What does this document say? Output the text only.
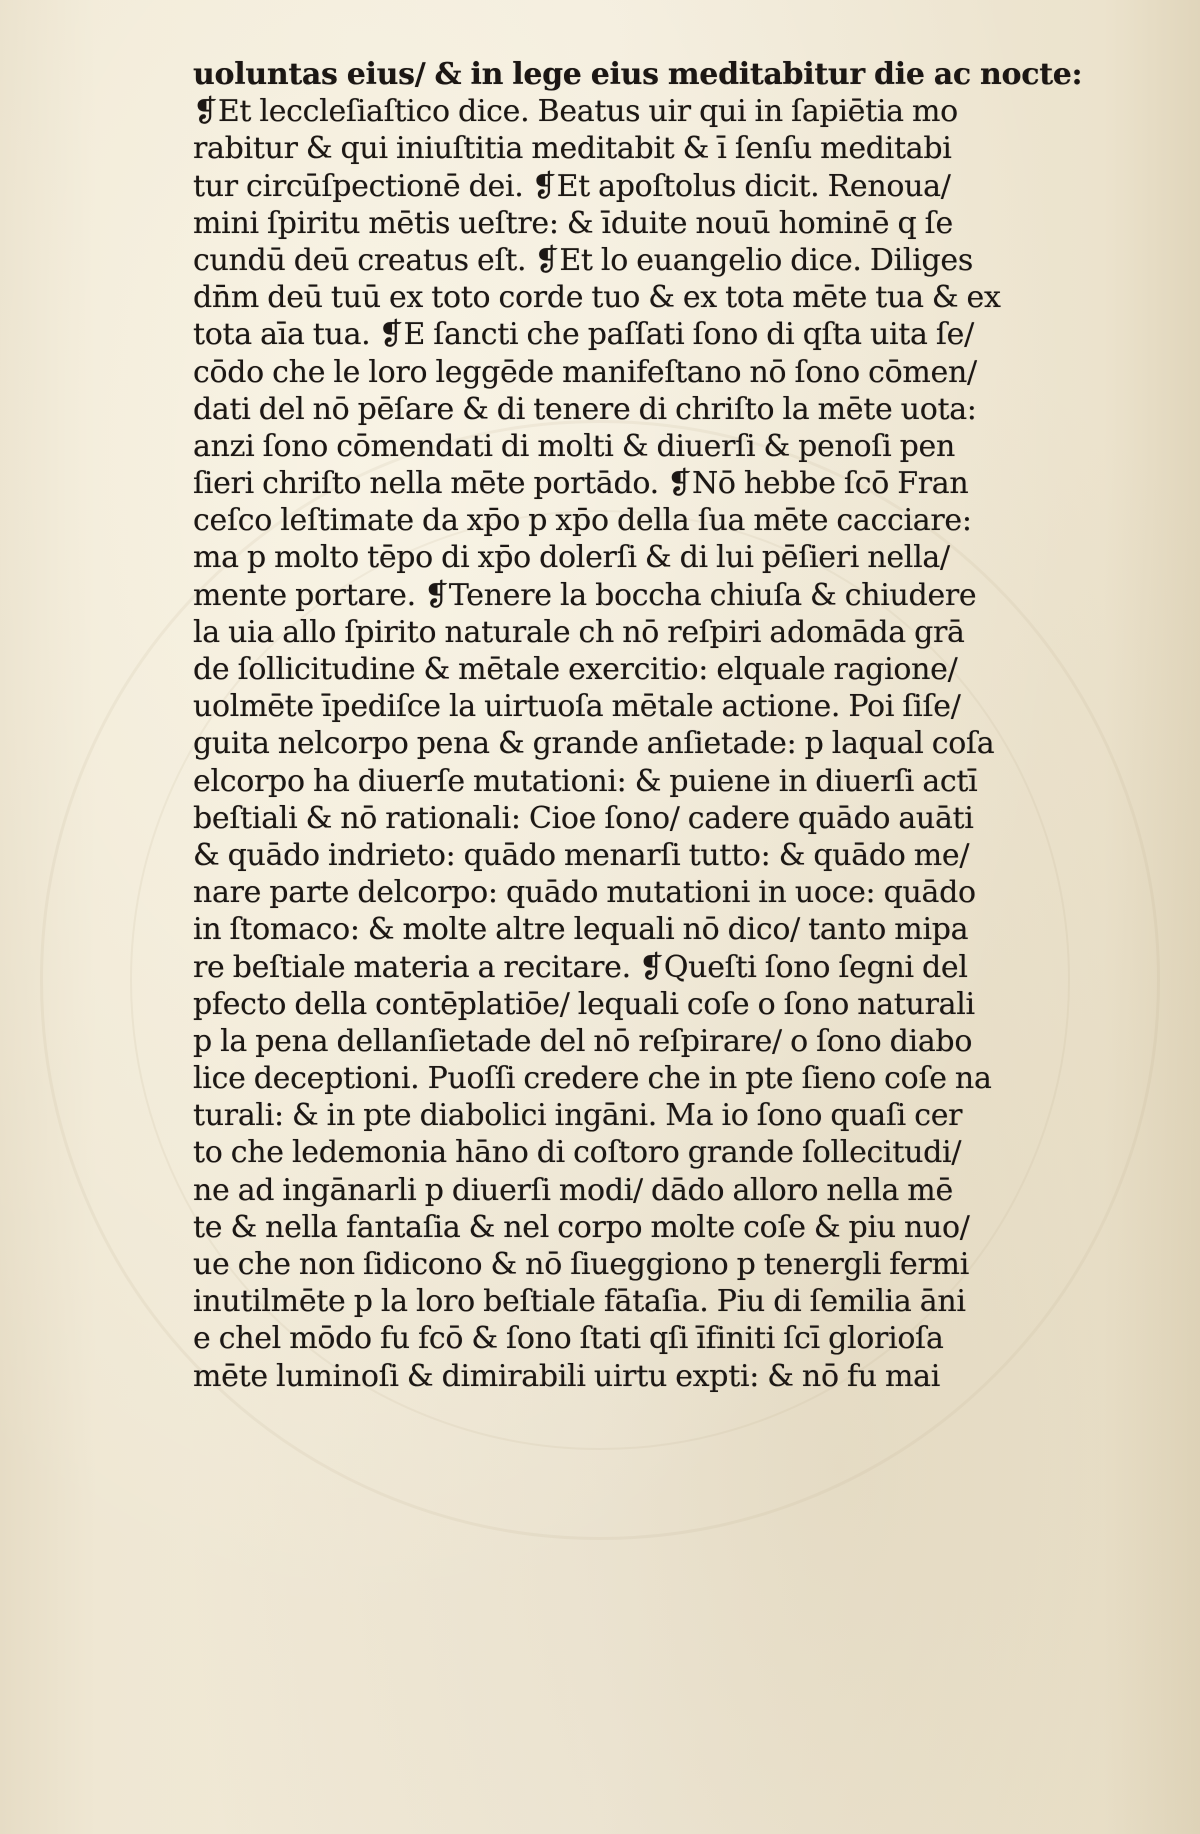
uoluntas eius/ & in lege eius meditabitur die ac nocte:
❡Et leccleſiaſtico dice. Beatus uir qui in ſapiētia mo
rabitur & qui iniuſtitia meditabit & ī ſenſu meditabi
tur circūſpectionē dei. ❡Et apoſtolus dicit. Renoua/
mini ſpiritu mētis ueſtre: & īduite nouū hominē q ſe
cundū deū creatus eſt. ❡Et lo euangelio dice. Diliges
dn̄m deū tuū ex toto corde tuo & ex tota mēte tua & ex
tota aīa tua. ❡E ſancti che paſſati ſono di qſta uita ſe/
cōdo che le loro leggēde manifeſtano nō ſono cōmen/
dati del nō pēſare & di tenere di chriſto la mēte uota:
anzi ſono cōmendati di molti & diuerſi & penoſi pen
ſieri chriſto nella mēte portādo. ❡Nō hebbe ſcō Fran
ceſco leſtimate da xp̄o p xp̄o della ſua mēte cacciare:
ma p molto tēpo di xp̄o dolerſi & di lui pēſieri nella/
mente portare. ❡Tenere la boccha chiuſa & chiudere
la uia allo ſpirito naturale ch nō reſpiri adomāda grā
de ſollicitudine & mētale exercitio: elquale ragione/
uolmēte īpediſce la uirtuoſa mētale actione. Poi ſiſe/
guita nelcorpo pena & grande anſietade: p laqual coſa
elcorpo ha diuerſe mutationi: & puiene in diuerſi actī
beſtiali & nō rationali: Cioe ſono/ cadere quādo auāti
& quādo indrieto: quādo menarſi tutto: & quādo me/
nare parte delcorpo: quādo mutationi in uoce: quādo
in ſtomaco: & molte altre lequali nō dico/ tanto mipa
re beſtiale materia a recitare. ❡Queſti ſono ſegni del
pfecto della contēplatiōe/ lequali coſe o ſono naturali
p la pena dellanſietade del nō reſpirare/ o ſono diabo
lice deceptioni. Puoſſi credere che in pte ſieno coſe na
turali: & in pte diabolici ingāni. Ma io ſono quaſi cer
to che ledemonia hāno di coſtoro grande ſollecitudi/
ne ad ingānarli p diuerſi modi/ dādo alloro nella mē
te & nella fantaſia & nel corpo molte coſe & piu nuo/
ue che non ſidicono & nō ſiueggiono p tenergli fermi
inutilmēte p la loro beſtiale fātaſia. Piu di ſemilia āni
e chel mōdo fu fcō & ſono ſtati qſi īfiniti ſcī glorioſa
mēte luminoſi & dimirabili uirtu expti: & nō fu mai
